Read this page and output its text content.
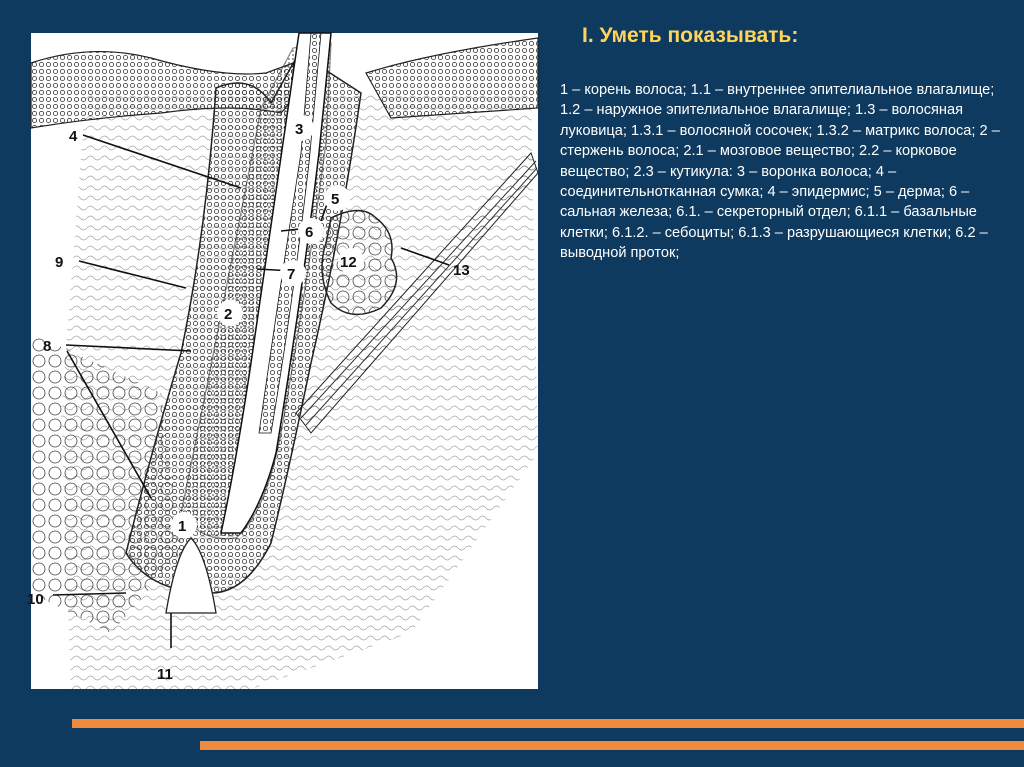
1
2
3
4
5
6
7
8
9
10
11
12	13
I. Уметь показывать:

1 – корень волоса; 1.1 – внутреннее эпителиальное влагалище; 1.2 – наружное эпителиальное влагалище; 1.3 – волосяная луковица; 1.3.1 – волосяной сосочек; 1.3.2 – матрикс волоса; 2 – стержень волоса; 2.1 – мозговое вещество; 2.2 – корковое вещество; 2.3 – кутикула: 3 – воронка волоса; 4 – соединительнотканная сумка; 4 – эпидермис; 5 – дерма; 6 – сальная железа; 6.1. – секреторный отдел; 6.1.1 – базальные клетки; 6.1.2. – себоциты; 6.1.3 – разрушающиеся клетки; 6.2 – выводной проток;
